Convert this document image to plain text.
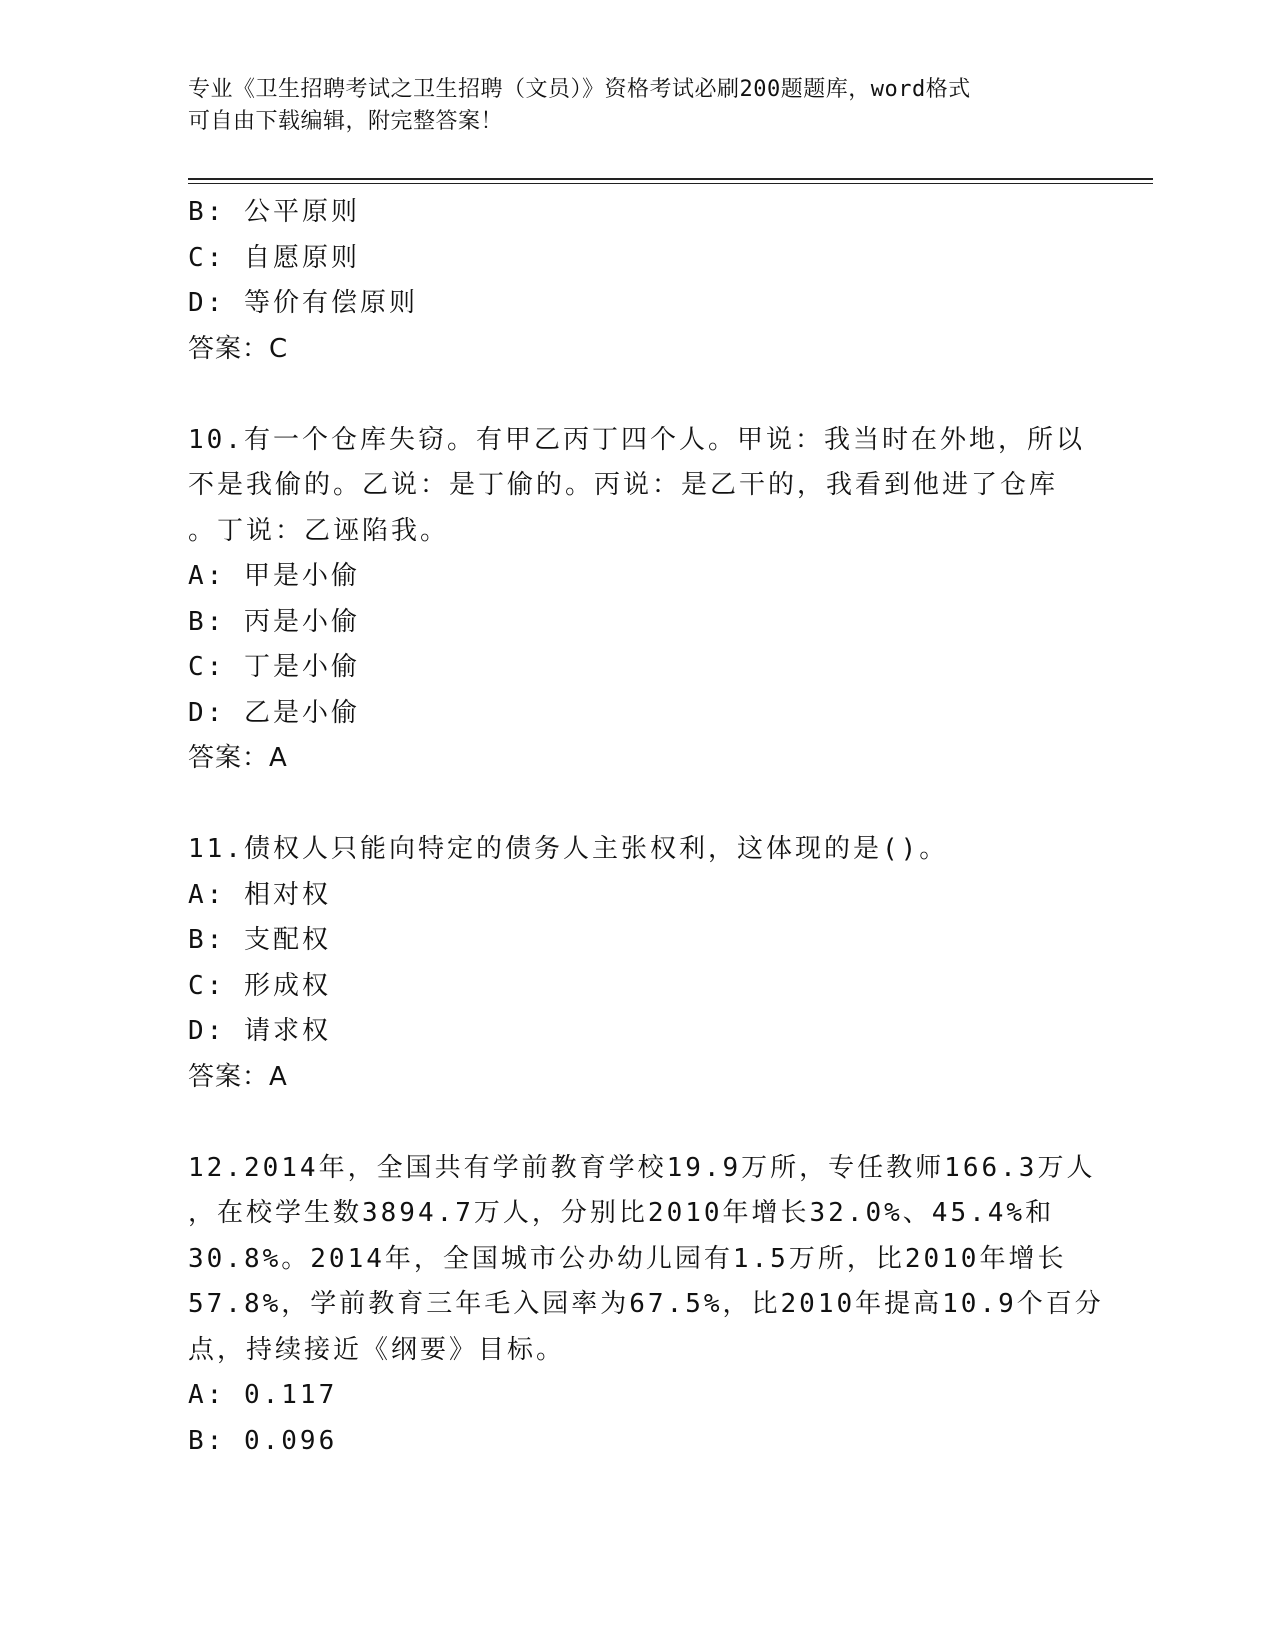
专业《卫生招聘考试之卫生招聘（文员）》资格考试必刷200题题库，word格式
可自由下载编辑，附完整答案！
B: 公平原则
C: 自愿原则
D: 等价有偿原则
答案：C
10.有一个仓库失窃。有甲乙丙丁四个人。甲说：我当时在外地，所以
不是我偷的。乙说：是丁偷的。丙说：是乙干的，我看到他进了仓库
。丁说：乙诬陷我。
A: 甲是小偷
B: 丙是小偷
C: 丁是小偷
D: 乙是小偷
答案：A
11.债权人只能向特定的债务人主张权利，这体现的是()。
A: 相对权
B: 支配权
C: 形成权
D: 请求权
答案：A
12.2014年，全国共有学前教育学校19.9万所，专任教师166.3万人
，在校学生数3894.7万人，分别比2010年增长32.0%、45.4%和
30.8%。2014年，全国城市公办幼儿园有1.5万所，比2010年增长
57.8%，学前教育三年毛入园率为67.5%，比2010年提高10.9个百分
点，持续接近《纲要》目标。
A: 0.117
B: 0.096
